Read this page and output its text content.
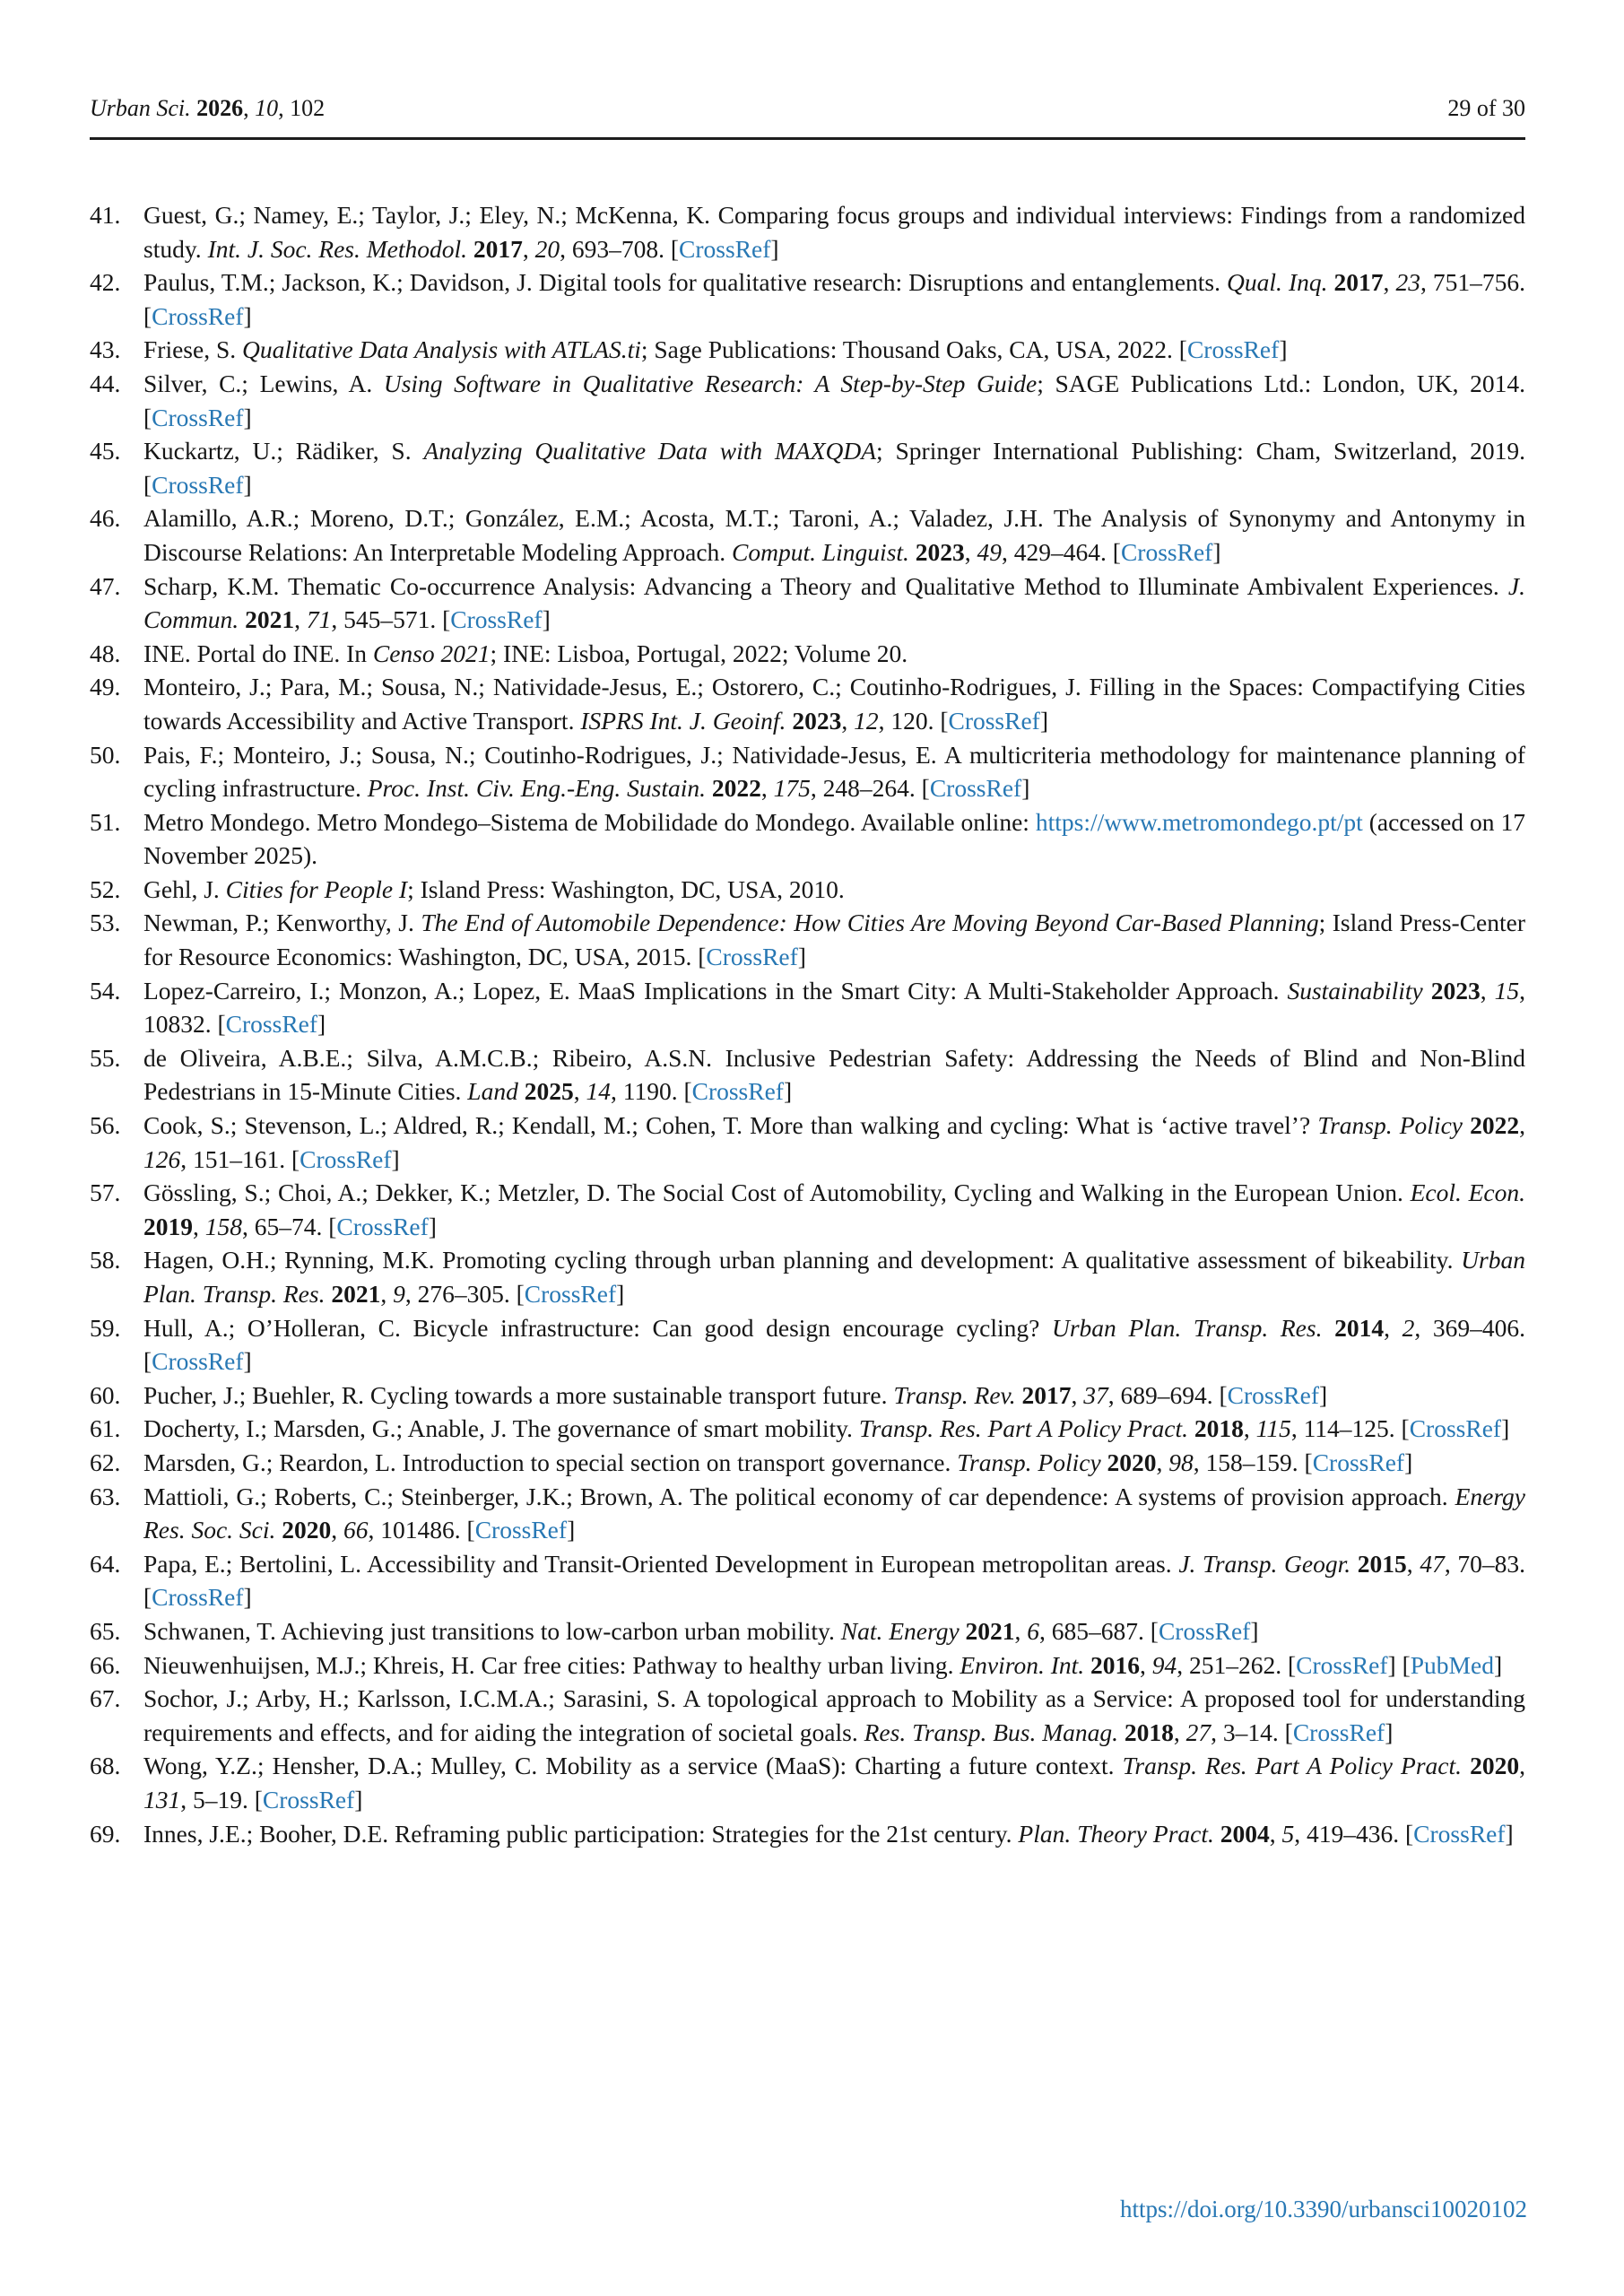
Urban Sci. 2026, 10, 102	29 of 30
41. Guest, G.; Namey, E.; Taylor, J.; Eley, N.; McKenna, K. Comparing focus groups and individual interviews: Findings from a randomized study. Int. J. Soc. Res. Methodol. 2017, 20, 693–708. [CrossRef]
42. Paulus, T.M.; Jackson, K.; Davidson, J. Digital tools for qualitative research: Disruptions and entanglements. Qual. Inq. 2017, 23, 751–756. [CrossRef]
43. Friese, S. Qualitative Data Analysis with ATLAS.ti; Sage Publications: Thousand Oaks, CA, USA, 2022. [CrossRef]
44. Silver, C.; Lewins, A. Using Software in Qualitative Research: A Step-by-Step Guide; SAGE Publications Ltd.: London, UK, 2014. [CrossRef]
45. Kuckartz, U.; Rädiker, S. Analyzing Qualitative Data with MAXQDA; Springer International Publishing: Cham, Switzerland, 2019. [CrossRef]
46. Alamillo, A.R.; Moreno, D.T.; González, E.M.; Acosta, M.T.; Taroni, A.; Valadez, J.H. The Analysis of Synonymy and Antonymy in Discourse Relations: An Interpretable Modeling Approach. Comput. Linguist. 2023, 49, 429–464. [CrossRef]
47. Scharp, K.M. Thematic Co-occurrence Analysis: Advancing a Theory and Qualitative Method to Illuminate Ambivalent Experiences. J. Commun. 2021, 71, 545–571. [CrossRef]
48. INE. Portal do INE. In Censo 2021; INE: Lisboa, Portugal, 2022; Volume 20.
49. Monteiro, J.; Para, M.; Sousa, N.; Natividade-Jesus, E.; Ostorero, C.; Coutinho-Rodrigues, J. Filling in the Spaces: Compactifying Cities towards Accessibility and Active Transport. ISPRS Int. J. Geoinf. 2023, 12, 120. [CrossRef]
50. Pais, F.; Monteiro, J.; Sousa, N.; Coutinho-Rodrigues, J.; Natividade-Jesus, E. A multicriteria methodology for maintenance planning of cycling infrastructure. Proc. Inst. Civ. Eng.-Eng. Sustain. 2022, 175, 248–264. [CrossRef]
51. Metro Mondego. Metro Mondego–Sistema de Mobilidade do Mondego. Available online: https://www.metromondego.pt/pt (accessed on 17 November 2025).
52. Gehl, J. Cities for People I; Island Press: Washington, DC, USA, 2010.
53. Newman, P.; Kenworthy, J. The End of Automobile Dependence: How Cities Are Moving Beyond Car-Based Planning; Island Press-Center for Resource Economics: Washington, DC, USA, 2015. [CrossRef]
54. Lopez-Carreiro, I.; Monzon, A.; Lopez, E. MaaS Implications in the Smart City: A Multi-Stakeholder Approach. Sustainability 2023, 15, 10832. [CrossRef]
55. de Oliveira, A.B.E.; Silva, A.M.C.B.; Ribeiro, A.S.N. Inclusive Pedestrian Safety: Addressing the Needs of Blind and Non-Blind Pedestrians in 15-Minute Cities. Land 2025, 14, 1190. [CrossRef]
56. Cook, S.; Stevenson, L.; Aldred, R.; Kendall, M.; Cohen, T. More than walking and cycling: What is ‘active travel’? Transp. Policy 2022, 126, 151–161. [CrossRef]
57. Gössling, S.; Choi, A.; Dekker, K.; Metzler, D. The Social Cost of Automobility, Cycling and Walking in the European Union. Ecol. Econ. 2019, 158, 65–74. [CrossRef]
58. Hagen, O.H.; Rynning, M.K. Promoting cycling through urban planning and development: A qualitative assessment of bikeability. Urban Plan. Transp. Res. 2021, 9, 276–305. [CrossRef]
59. Hull, A.; O’Holleran, C. Bicycle infrastructure: Can good design encourage cycling? Urban Plan. Transp. Res. 2014, 2, 369–406. [CrossRef]
60. Pucher, J.; Buehler, R. Cycling towards a more sustainable transport future. Transp. Rev. 2017, 37, 689–694. [CrossRef]
61. Docherty, I.; Marsden, G.; Anable, J. The governance of smart mobility. Transp. Res. Part A Policy Pract. 2018, 115, 114–125. [CrossRef]
62. Marsden, G.; Reardon, L. Introduction to special section on transport governance. Transp. Policy 2020, 98, 158–159. [CrossRef]
63. Mattioli, G.; Roberts, C.; Steinberger, J.K.; Brown, A. The political economy of car dependence: A systems of provision approach. Energy Res. Soc. Sci. 2020, 66, 101486. [CrossRef]
64. Papa, E.; Bertolini, L. Accessibility and Transit-Oriented Development in European metropolitan areas. J. Transp. Geogr. 2015, 47, 70–83. [CrossRef]
65. Schwanen, T. Achieving just transitions to low-carbon urban mobility. Nat. Energy 2021, 6, 685–687. [CrossRef]
66. Nieuwenhuijsen, M.J.; Khreis, H. Car free cities: Pathway to healthy urban living. Environ. Int. 2016, 94, 251–262. [CrossRef] [PubMed]
67. Sochor, J.; Arby, H.; Karlsson, I.C.M.A.; Sarasini, S. A topological approach to Mobility as a Service: A proposed tool for understanding requirements and effects, and for aiding the integration of societal goals. Res. Transp. Bus. Manag. 2018, 27, 3–14. [CrossRef]
68. Wong, Y.Z.; Hensher, D.A.; Mulley, C. Mobility as a service (MaaS): Charting a future context. Transp. Res. Part A Policy Pract. 2020, 131, 5–19. [CrossRef]
69. Innes, J.E.; Booher, D.E. Reframing public participation: Strategies for the 21st century. Plan. Theory Pract. 2004, 5, 419–436. [CrossRef]
https://doi.org/10.3390/urbansci10020102
